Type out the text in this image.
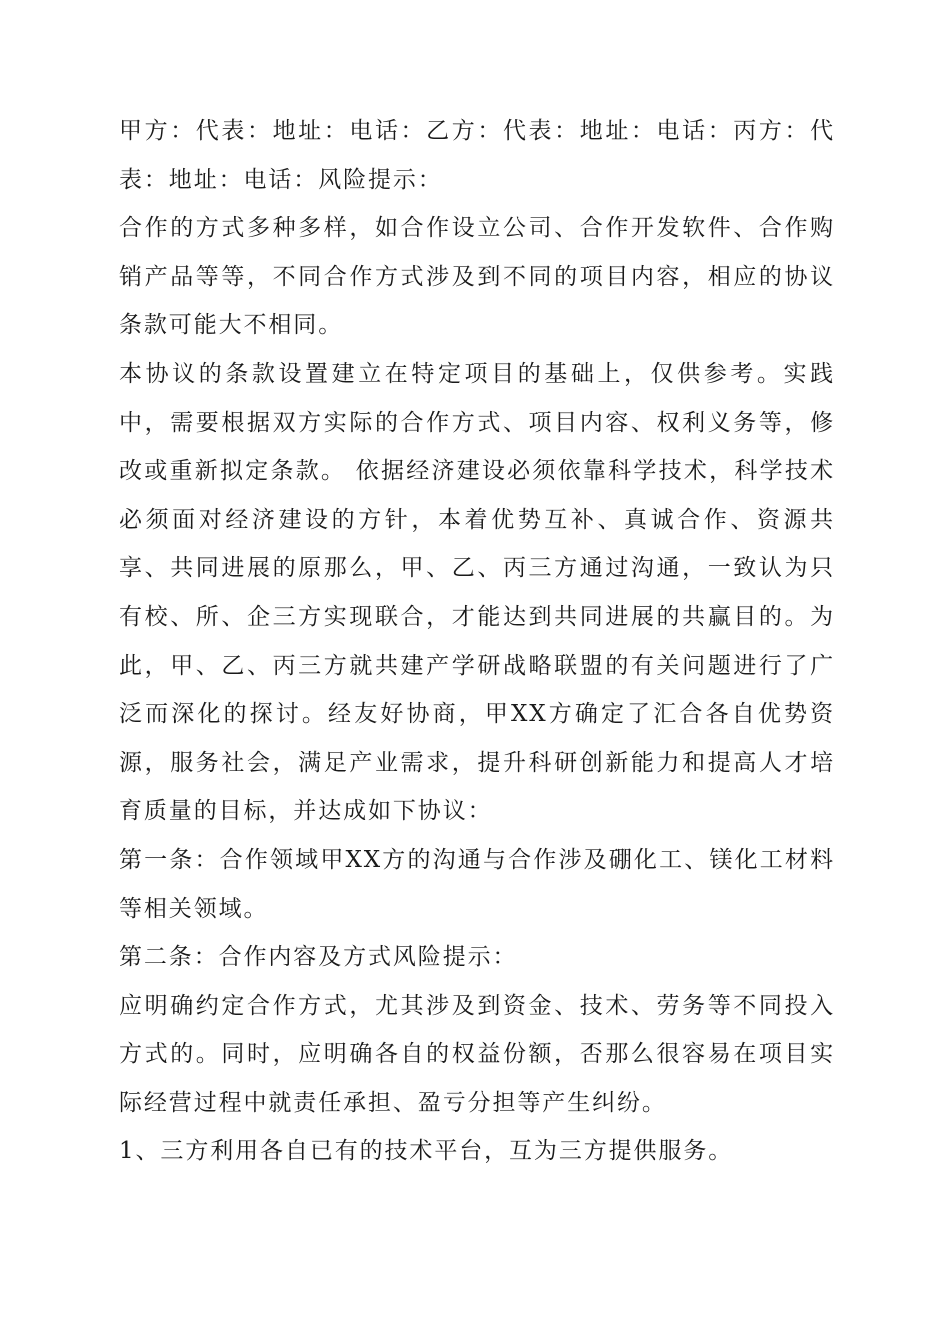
甲方：代表：地址：电话：乙方：代表：地址：电话：丙方：代表：地址：电话：风险提示：

合作的方式多种多样，如合作设立公司、合作开发软件、合作购销产品等等，不同合作方式涉及到不同的项目内容，相应的协议条款可能大不相同。

本协议的条款设置建立在特定项目的基础上，仅供参考。实践中，需要根据双方实际的合作方式、项目内容、权利义务等，修改或重新拟定条款。 依据经济建设必须依靠科学技术，科学技术必须面对经济建设的方针，本着优势互补、真诚合作、资源共享、共同进展的原那么，甲、乙、丙三方通过沟通，一致认为只有校、所、企三方实现联合，才能达到共同进展的共赢目的。为此，甲、乙、丙三方就共建产学研战略联盟的有关问题进行了广泛而深化的探讨。经友好协商，甲XX方确定了汇合各自优势资源，服务社会，满足产业需求，提升科研创新能力和提高人才培育质量的目标，并达成如下协议：

第一条：合作领域甲XX方的沟通与合作涉及硼化工、镁化工材料等相关领域。

第二条：合作内容及方式风险提示：

应明确约定合作方式，尤其涉及到资金、技术、劳务等不同投入方式的。同时，应明确各自的权益份额，否那么很容易在项目实际经营过程中就责任承担、盈亏分担等产生纠纷。

1、三方利用各自已有的技术平台，互为三方提供服务。
